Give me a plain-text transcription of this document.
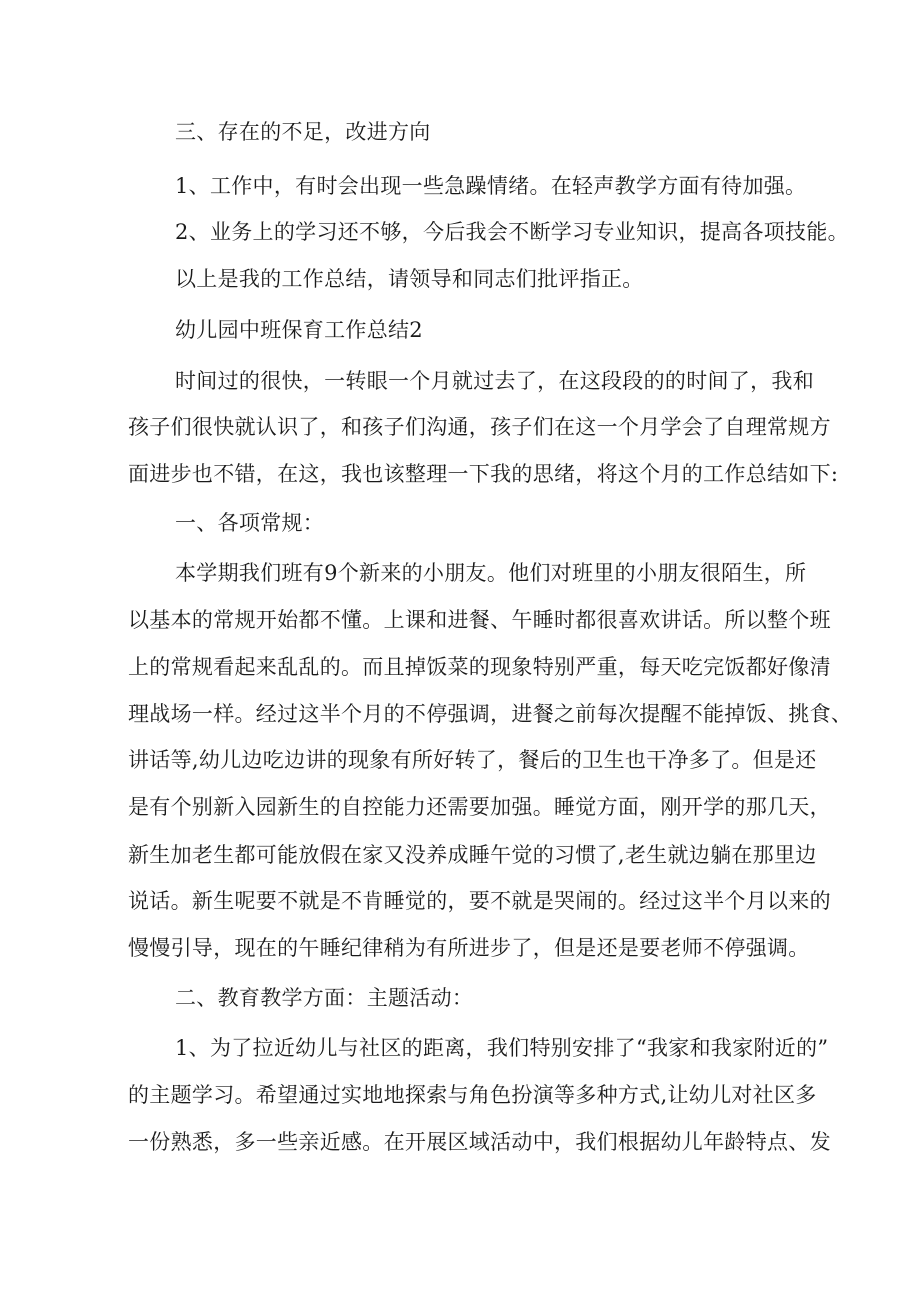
三、存在的不足，改进方向
1、工作中，有时会出现一些急躁情绪。在轻声教学方面有待加强。
2、业务上的学习还不够，今后我会不断学习专业知识，提高各项技能。
以上是我的工作总结，请领导和同志们批评指正。
幼儿园中班保育工作总结2
时间过的很快，一转眼一个月就过去了，在这段段的的时间了，我和
孩子们很快就认识了，和孩子们沟通，孩子们在这一个月学会了自理常规方
面进步也不错，在这，我也该整理一下我的思绪，将这个月的工作总结如下:
一、各项常规：
本学期我们班有9个新来的小朋友。他们对班里的小朋友很陌生，所
以基本的常规开始都不懂。上课和进餐、午睡时都很喜欢讲话。所以整个班
上的常规看起来乱乱的。而且掉饭菜的现象特别严重，每天吃完饭都好像清
理战场一样。经过这半个月的不停强调，进餐之前每次提醒不能掉饭、挑食、
讲话等,幼儿边吃边讲的现象有所好转了，餐后的卫生也干净多了。但是还
是有个别新入园新生的自控能力还需要加强。睡觉方面，刚开学的那几天，
新生加老生都可能放假在家又没养成睡午觉的习惯了,老生就边躺在那里边
说话。新生呢要不就是不肯睡觉的，要不就是哭闹的。经过这半个月以来的
慢慢引导，现在的午睡纪律稍为有所进步了，但是还是要老师不停强调。
二、教育教学方面：主题活动：
1、为了拉近幼儿与社区的距离，我们特别安排了“我家和我家附近的”
的主题学习。希望通过实地地探索与角色扮演等多种方式,让幼儿对社区多
一份熟悉，多一些亲近感。在开展区域活动中，我们根据幼儿年龄特点、发
